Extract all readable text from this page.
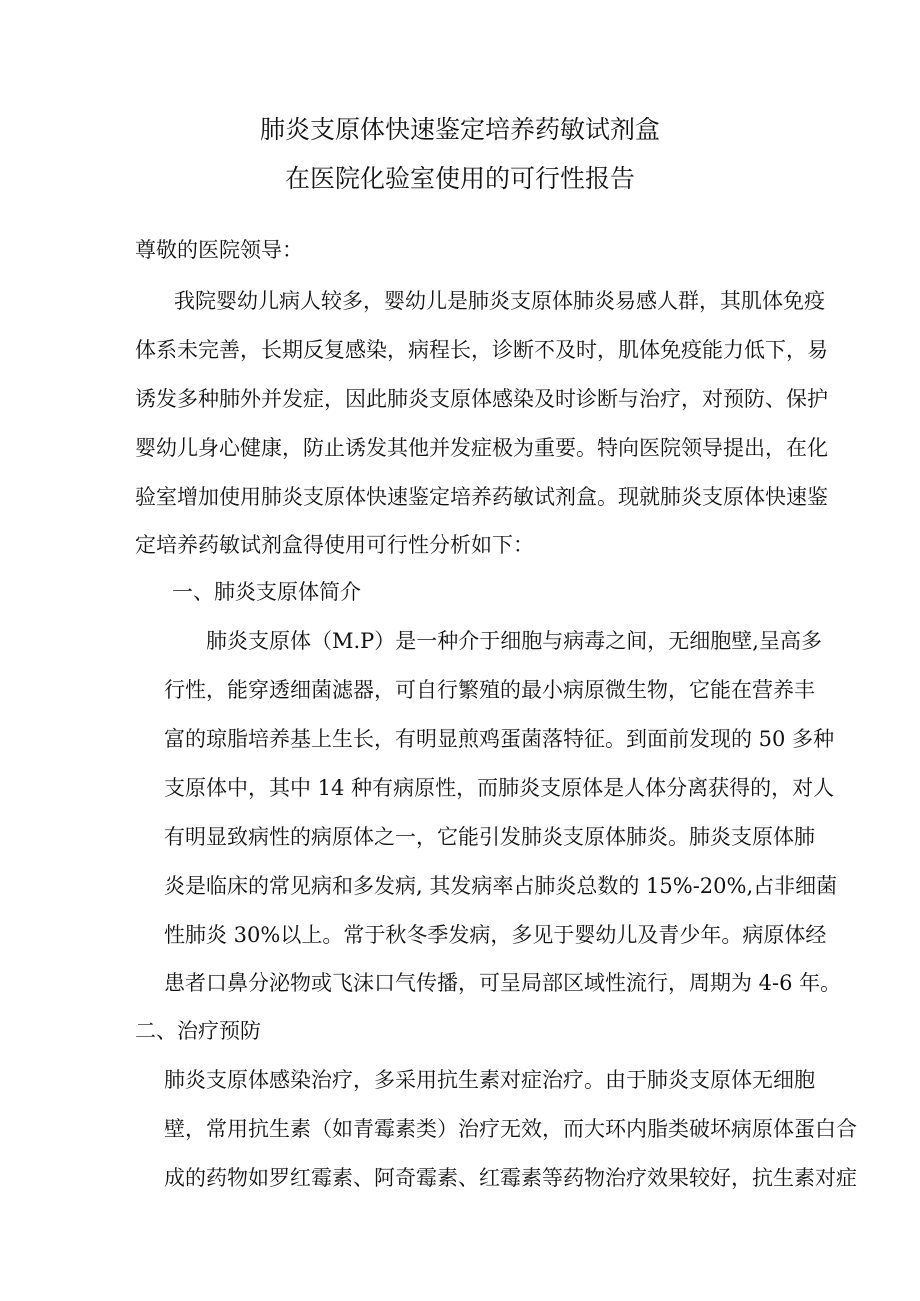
肺炎支原体快速鉴定培养药敏试剂盒
在医院化验室使用的可行性报告

尊敬的医院领导：

我院婴幼儿病人较多，婴幼儿是肺炎支原体肺炎易感人群，其肌体免疫

体系未完善，长期反复感染，病程长，诊断不及时，肌体免疫能力低下，易

诱发多种肺外并发症，因此肺炎支原体感染及时诊断与治疗，对预防、保护

婴幼儿身心健康，防止诱发其他并发症极为重要。特向医院领导提出，在化

验室增加使用肺炎支原体快速鉴定培养药敏试剂盒。现就肺炎支原体快速鉴

定培养药敏试剂盒得使用可行性分析如下：

一、肺炎支原体简介

肺炎支原体（M.P）是一种介于细胞与病毒之间，无细胞壁,呈高多

行性，能穿透细菌滤器，可自行繁殖的最小病原微生物，它能在营养丰

富的琼脂培养基上生长，有明显煎鸡蛋菌落特征。到面前发现的 50 多种

支原体中，其中 14 种有病原性，而肺炎支原体是人体分离获得的，对人

有明显致病性的病原体之一，它能引发肺炎支原体肺炎。肺炎支原体肺

炎是临床的常见病和多发病, 其发病率占肺炎总数的 15%-20%,占非细菌

性肺炎 30%以上。常于秋冬季发病，多见于婴幼儿及青少年。病原体经

患者口鼻分泌物或飞沫口气传播，可呈局部区域性流行，周期为 4-6 年。

二、治疗预防

肺炎支原体感染治疗，多采用抗生素对症治疗。由于肺炎支原体无细胞

壁，常用抗生素（如青霉素类）治疗无效，而大环内脂类破坏病原体蛋白合

成的药物如罗红霉素、阿奇霉素、红霉素等药物治疗效果较好，抗生素对症
